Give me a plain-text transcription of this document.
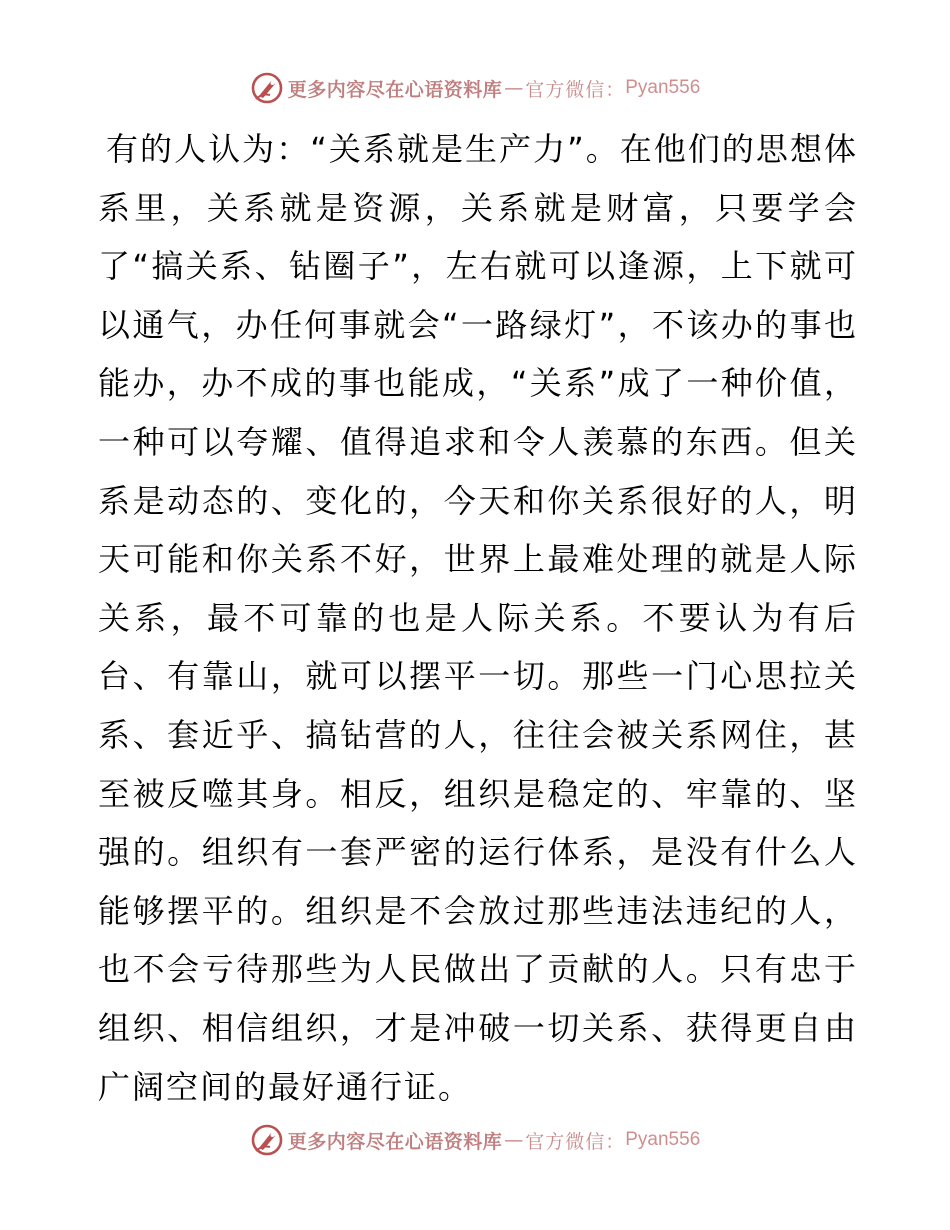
更多内容尽在心语资料库 — 官方微信： Pyan556

有的人认为：“关系就是生产力”。在他们的思想体系里，关系就是资源，关系就是财富，只要学会了“搞关系、钻圈子”，左右就可以逢源，上下就可以通气，办任何事就会“一路绿灯”，不该办的事也能办，办不成的事也能成，“关系”成了一种价值，一种可以夸耀、值得追求和令人羡慕的东西。但关系是动态的、变化的，今天和你关系很好的人，明天可能和你关系不好，世界上最难处理的就是人际关系，最不可靠的也是人际关系。不要认为有后台、有靠山，就可以摆平一切。那些一门心思拉关系、套近乎、搞钻营的人，往往会被关系网住，甚至被反噬其身。相反，组织是稳定的、牢靠的、坚强的。组织有一套严密的运行体系，是没有什么人能够摆平的。组织是不会放过那些违法违纪的人，也不会亏待那些为人民做出了贡献的人。只有忠于组织、相信组织，才是冲破一切关系、获得更自由广阔空间的最好通行证。

更多内容尽在心语资料库 — 官方微信： Pyan556
